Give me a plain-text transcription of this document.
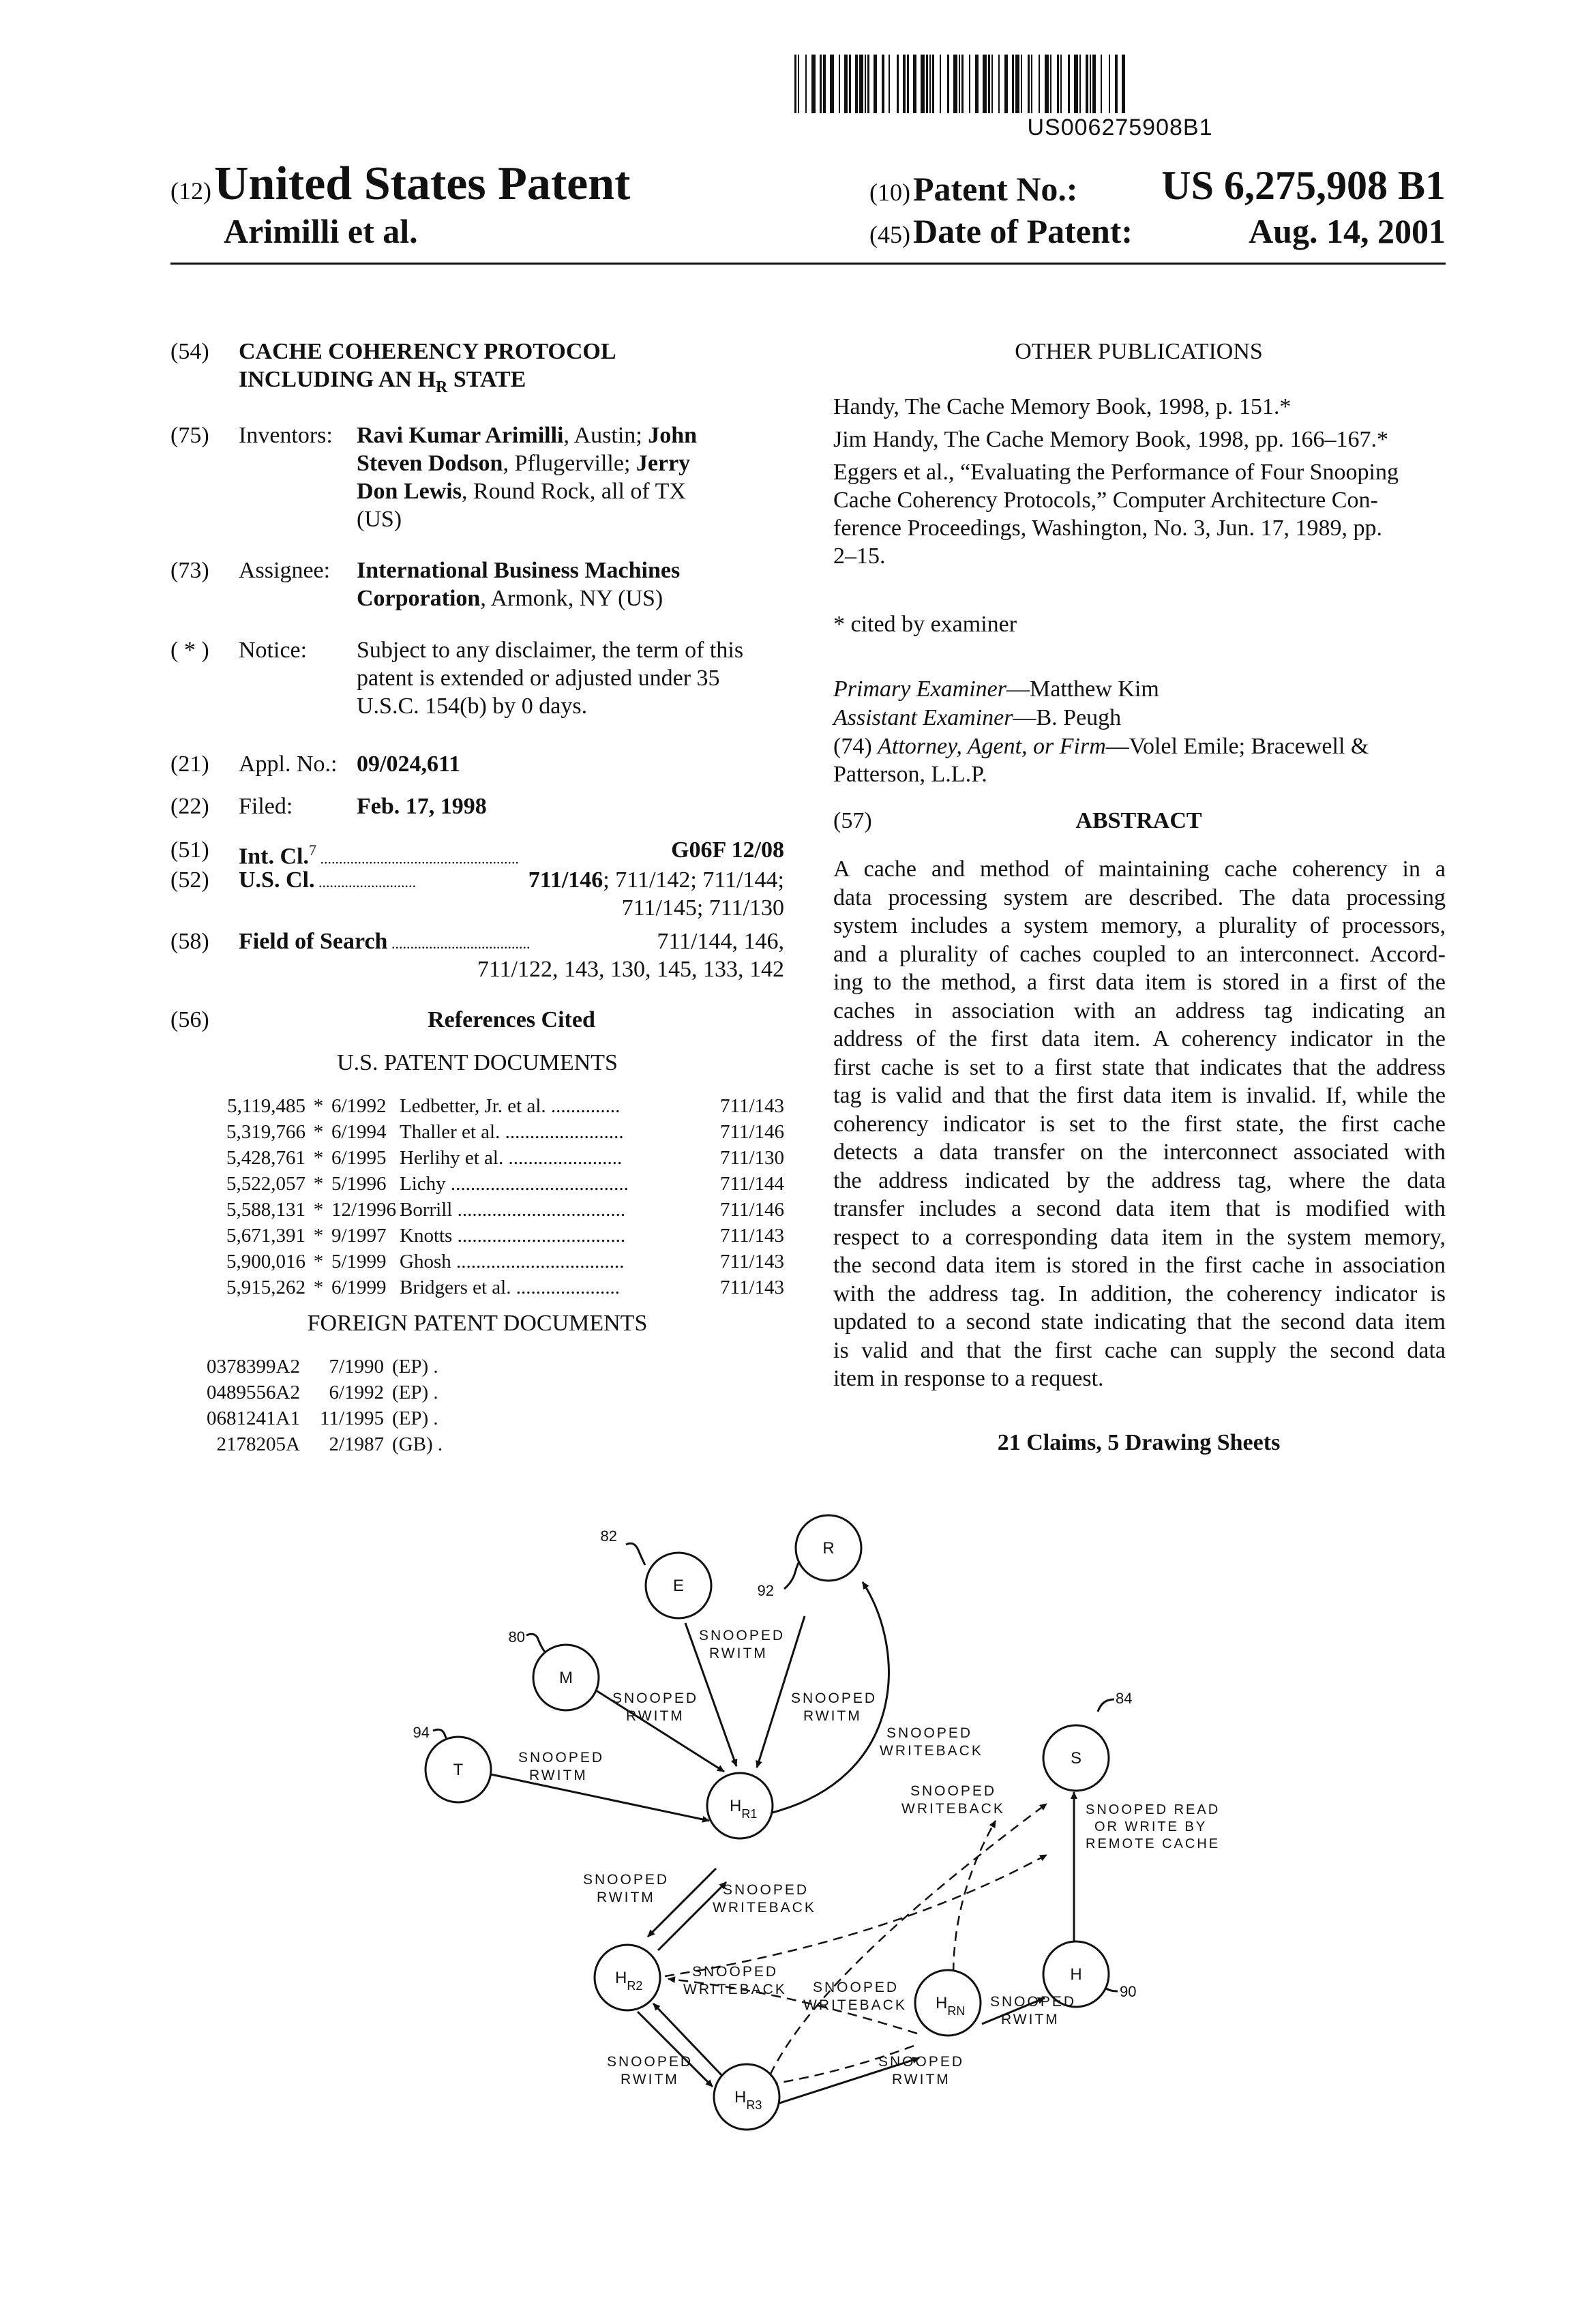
US006275908B1
(12) United States Patent
Arimilli et al.
(10) Patent No.: US 6,275,908 B1
(45) Date of Patent:	Aug. 14, 2001
(54) CACHE COHERENCY PROTOCOL
INCLUDING AN $H_R$ STATE
(75) Inventors: Ravi Kumar Arimilli, Austin; John
Steven Dodson, Pflugerville; Jerry
Don Lewis, Round Rock, all of TX
(US)
(73) Assignee: International Business Machines
Corporation, Armonk, NY (US)
( * ) Notice: Subject to any disclaimer, the term of this
patent is extended or adjusted under 35
U.S.C. 154(b) by 0 days.
(21) Appl. No.: 09/024,611
(22) Filed:	Feb. 17, 1998
(51) Int. Cl.$^7$ .....................................................	G06F 12/08
(52) U.S. Cl. ..........................	711/146; 711/142; 711/144;
711/145; 711/130
(58) Field of Search .....................................	711/144, 146,
711/122, 143, 130, 145, 133, 142
(56)	References Cited
U.S. PATENT DOCUMENTS
5,119,485	*	6/1992	Ledbetter, Jr. et al. ..............	711/143
5,319,766	*	6/1994	Thaller et al. ........................	711/146
5,428,761	*	6/1995	Herlihy et al. .......................	711/130
5,522,057	*	5/1996	Lichy ....................................	711/144
5,588,131	*	12/1996	Borrill ..................................	711/146
5,671,391	*	9/1997	Knotts ..................................	711/143
5,900,016	*	5/1999	Ghosh ..................................	711/143
5,915,262	*	6/1999	Bridgers et al. .....................	711/143
FOREIGN PATENT DOCUMENTS
0378399A2	7/1990	(EP) .
0489556A2	6/1992	(EP) .
0681241A1	11/1995	(EP) .
2178205A	2/1987	(GB) .
OTHER PUBLICATIONS
Handy, The Cache Memory Book, 1998, p. 151.*
Jim Handy, The Cache Memory Book, 1998, pp. 166–167.*
Eggers et al., “Evaluating the Performance of Four Snooping
Cache Coherency Protocols,” Computer Architecture Con-
ference Proceedings, Washington, No. 3, Jun. 17, 1989, pp.
2–15.
* cited by examiner
Primary Examiner—Matthew Kim
Assistant Examiner—B. Peugh
(74) Attorney, Agent, or Firm—Volel Emile; Bracewell &
Patterson, L.L.P.
(57)	ABSTRACT
A cache and method of maintaining cache coherency in a
data processing system are described. The data processing
system includes a system memory, a plurality of processors,
and a plurality of caches coupled to an interconnect. Accord-
ing to the method, a first data item is stored in a first of the
caches in association with an address tag indicating an
address of the first data item. A coherency indicator in the
first cache is set to a first state that indicates that the address
tag is valid and that the first data item is invalid. If, while the
coherency indicator is set to the first state, the first cache
detects a data transfer on the interconnect associated with
the address indicated by the address tag, where the data
transfer includes a second data item that is modified with
respect to a corresponding data item in the system memory,
the second data item is stored in the first cache in association
with the address tag. In addition, the coherency indicator is
updated to a second state indicating that the second data item
is valid and that the first cache can supply the second data
item in response to a request.
21 Claims, 5 Drawing Sheets
E
R
M
T
S
H
$H_{R1}$
$H_{R2}$
$H_{RN}$
$H_{R3}$
82
92
80
94
84
90
SNOOPED
RWITM
SNOOPED
RWITM
SNOOPED
RWITM
SNOOPED
RWITM
SNOOPED
WRITEBACK
SNOOPED
WRITEBACK	SNOOPED READ
OR WRITE BY
REMOTE CACHE
SNOOPED
RWITM	SNOOPED
WRITEBACK
SNOOPED
WRITEBACK SNOOPED
WRITEBACK	SNOOPED
RWITM
SNOOPED
RWITM
SNOOPED
RWITM
